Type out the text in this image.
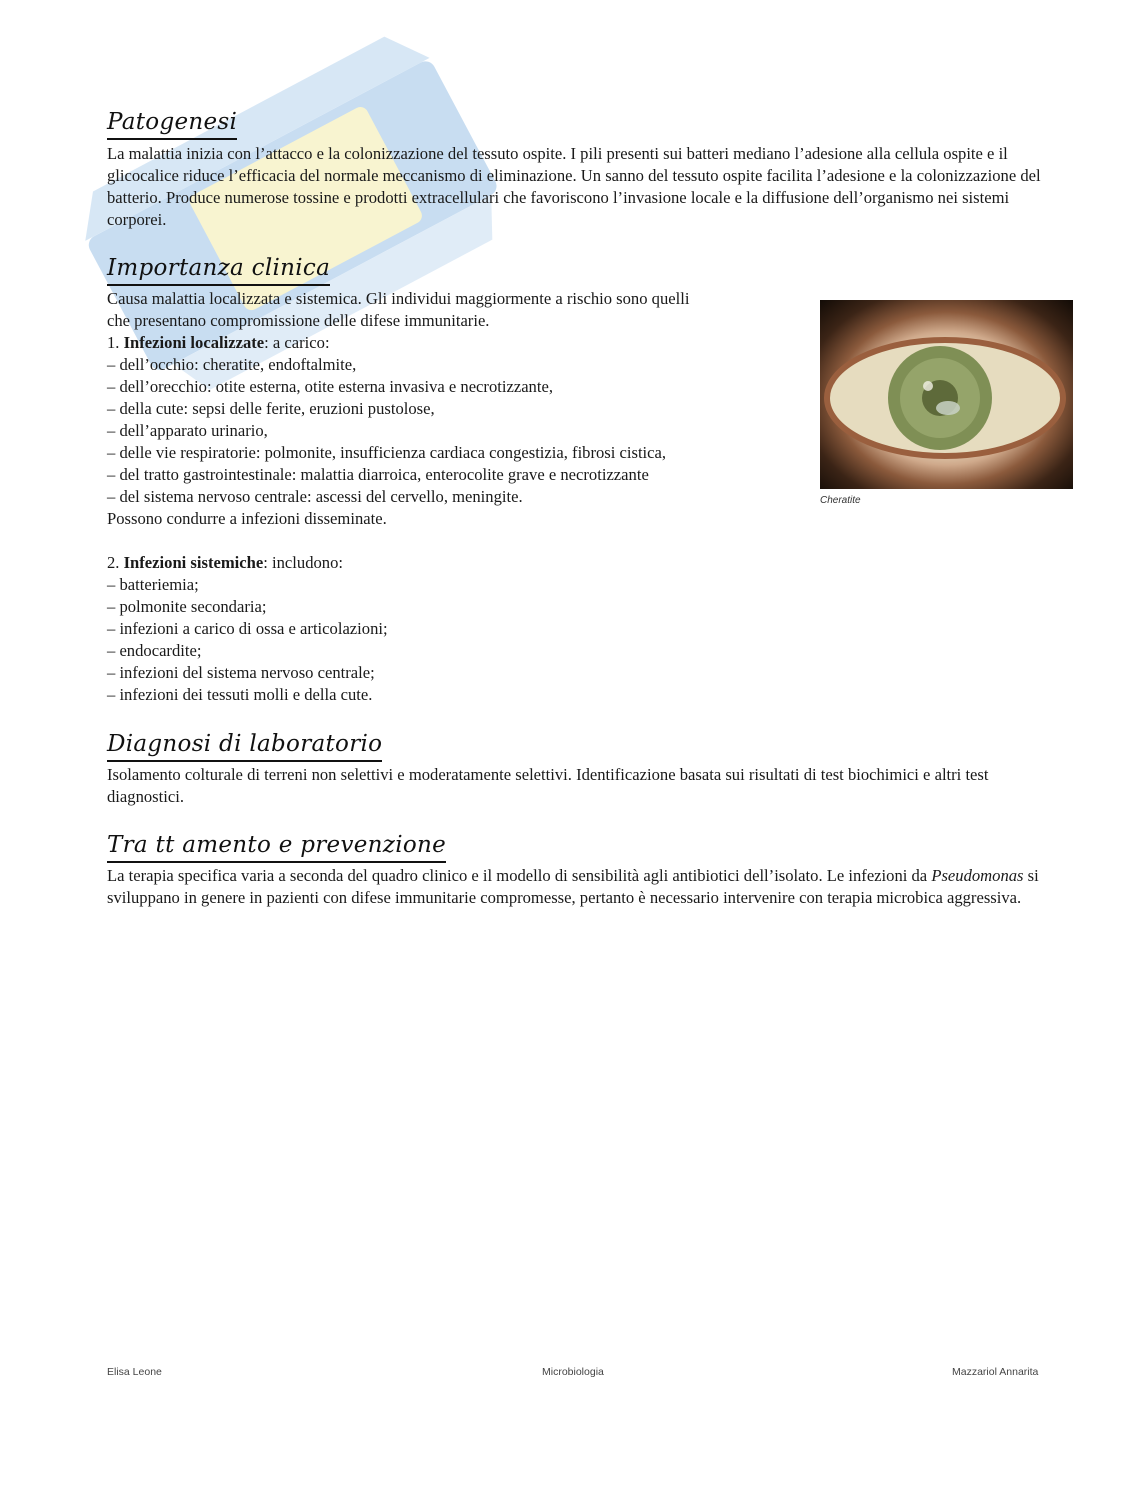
Patogenesi
La malattia inizia con l’attacco e la colonizzazione del tessuto ospite. I pili presenti sui batteri mediano l’adesione alla cellula ospite e il glicocalice riduce l’efficacia del normale meccanismo di eliminazione. Un sanno del tessuto ospite facilita l’adesione e la colonizzazione del batterio. Produce numerose tossine e prodotti extracellulari che favoriscono l’invasione locale e la diffusione dell’organismo nei sistemi corporei.
Importanza clinica

Causa malattia localizzata e sistemica. Gli individui maggiormente a rischio sono quelli

che presentano compromissione delle difese immunitarie.

1. Infezioni localizzate: a carico:

– dell’occhio: cheratite, endoftalmite,
– dell’orecchio: otite esterna, otite esterna invasiva e necrotizzante,
– della cute: sepsi delle ferite, eruzioni pustolose,
– dell’apparato urinario,
– delle vie respiratorie: polmonite, insufficienza cardiaca congestizia, fibrosi cistica,
– del tratto gastrointestinale: malattia diarroica, enterocolite grave e necrotizzante
– del sistema nervoso centrale: ascessi del cervello, meningite.

Possono condurre a infezioni disseminate.

2. Infezioni sistemiche: includono:

– batteriemia;
– polmonite secondaria;
– infezioni a carico di ossa e articolazioni;
– endocardite;
– infezioni del sistema nervoso centrale;
– infezioni dei tessuti molli e della cute.
Cheratite
Diagnosi di laboratorio
Isolamento colturale di terreni non selettivi e moderatamente selettivi. Identificazione basata sui risultati di test biochimici e altri test diagnostici.
Tra tt amento e prevenzione
La terapia specifica varia a seconda del quadro clinico e il modello di sensibilità agli antibiotici dell’isolato. Le infezioni da Pseudomonas si sviluppano in genere in pazienti con difese immunitarie compromesse, pertanto è necessario intervenire con terapia microbica aggressiva.
Elisa Leone	Microbiologia	Mazzariol Annarita
